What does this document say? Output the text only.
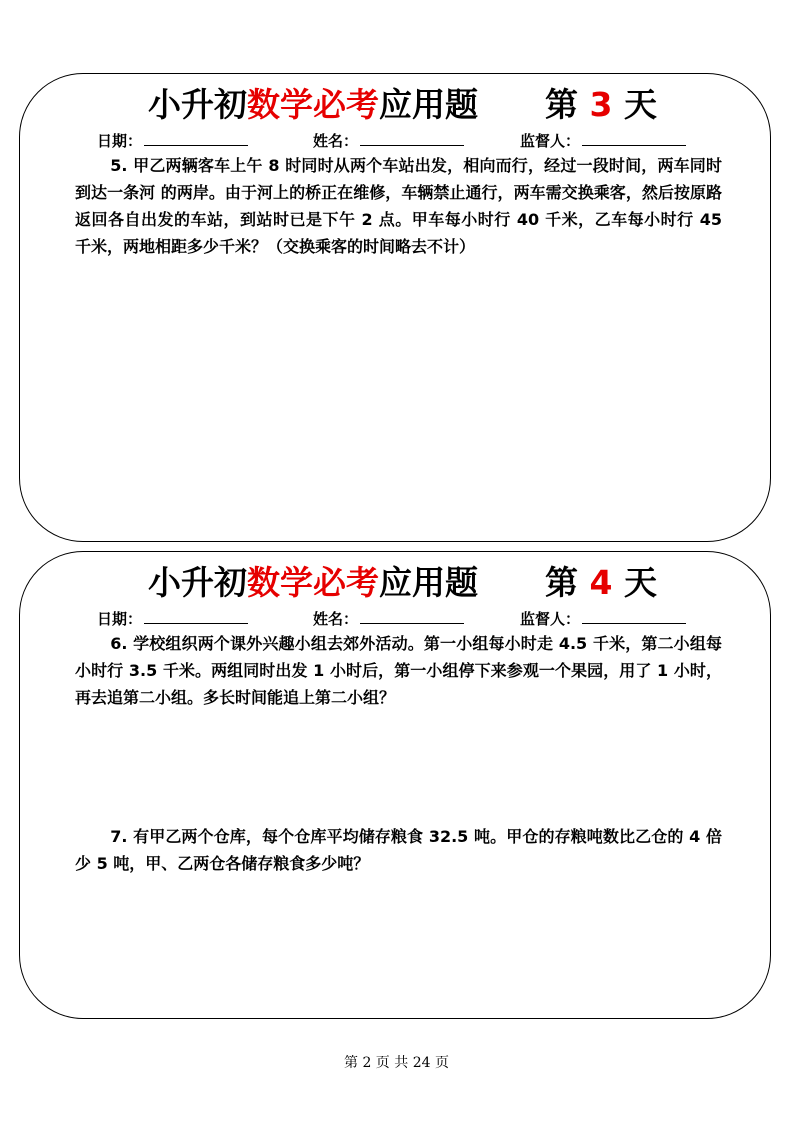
小升初数学必考应用题 第 3 天
日期：	姓名：	监督人：
5. 甲乙两辆客车上午 8 时同时从两个车站出发，相向而行，经过一段时间，两车同时到达一条河 的两岸。由于河上的桥正在维修，车辆禁止通行，两车需交换乘客，然后按原路返回各自出发的车站，到站时已是下午 2 点。甲车每小时行 40 千米，乙车每小时行 45 千米，两地相距多少千米？（交换乘客的时间略去不计）
小升初数学必考应用题 第 4 天
日期：	姓名：	监督人：
6. 学校组织两个课外兴趣小组去郊外活动。第一小组每小时走 4.5 千米，第二小组每小时行 3.5 千米。两组同时出发 1 小时后，第一小组停下来参观一个果园，用了 1 小时，再去追第二小组。多长时间能追上第二小组？
7. 有甲乙两个仓库，每个仓库平均储存粮食 32.5 吨。甲仓的存粮吨数比乙仓的 4 倍少 5 吨，甲、乙两仓各储存粮食多少吨？
第 2 页 共 24 页
